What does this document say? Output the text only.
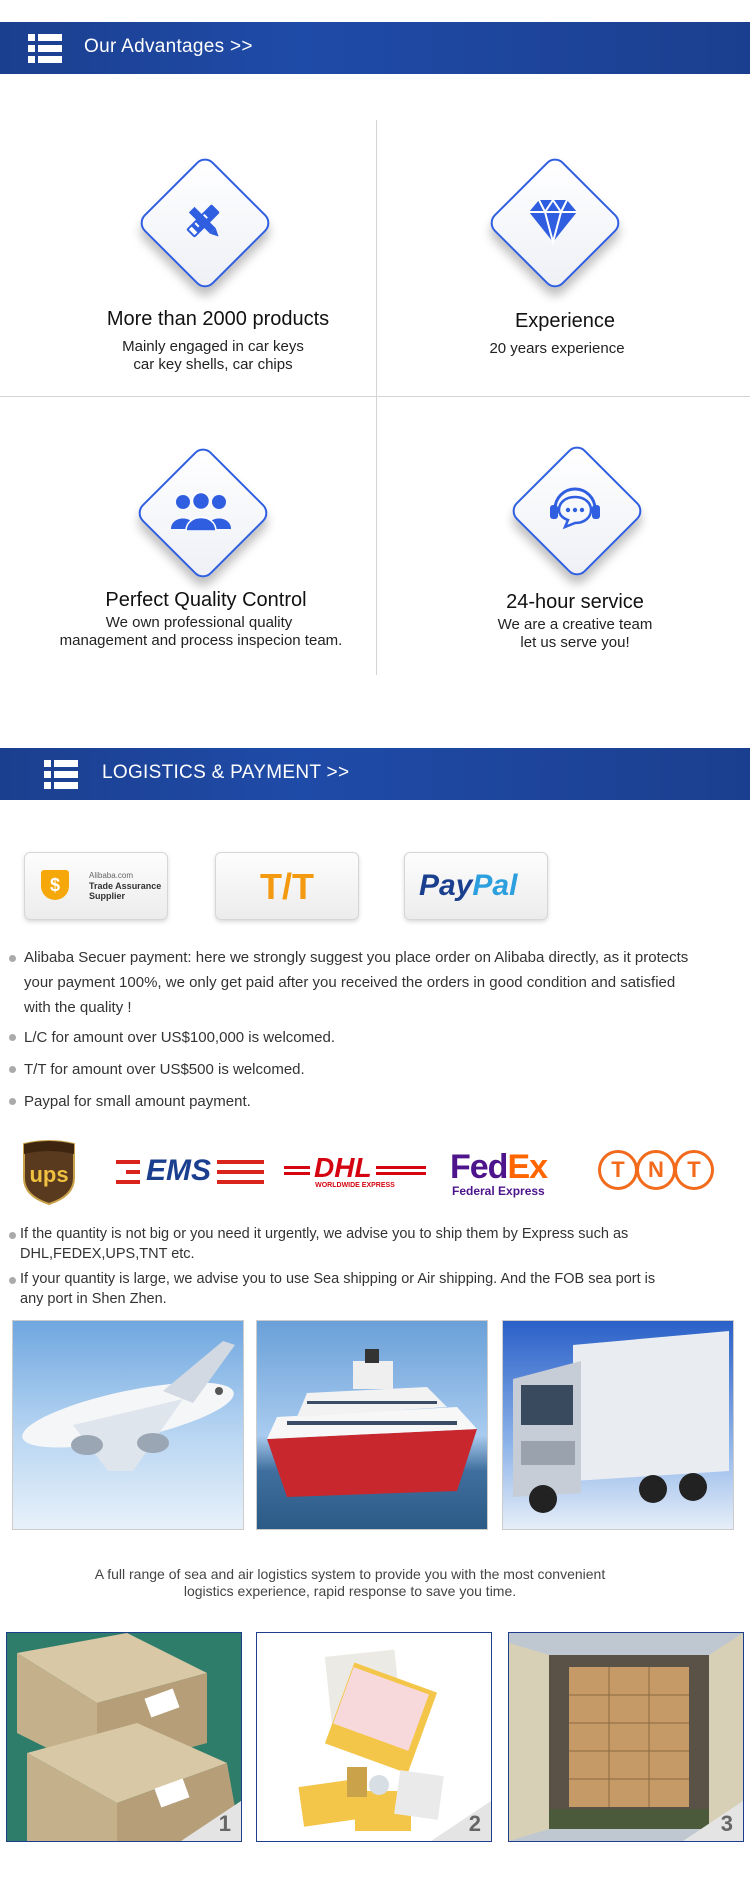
Our Advantages >>
More than 2000 products
Mainly engaged in car keys
car key shells, car chips
Experience
20 years experience
Perfect Quality Control
We own professional quality
management and process inspecion team.
24-hour service
We are a creative team
let us serve you!
LOGISTICS & PAYMENT >>
$	Alibaba.com
Trade Assurance
Supplier	T/T	PayPal
Alibaba Secuer payment: here we strongly suggest you place order on Alibaba directly, as it protects
your payment 100%, we only get paid after you received the orders in good condition and satisfied
with the quality !
L/C for amount over US$100,000 is welcomed.
T/T for amount over US$500 is welcomed.
Paypal for small amount payment.
ups	EMS	DHL
WORLDWIDE EXPRESS	FedEx
Federal Express
T	N	T
If the quantity is not big or you need it urgently, we advise you to ship them by Express such as
DHL,FEDEX,UPS,TNT etc.
If your quantity is large, we advise you to use Sea shipping or Air shipping. And the FOB sea port is
any port in Shen Zhen.
A full range of sea and air logistics system to provide you with the most convenient
logistics experience, rapid response to save you time.
1	2	3
